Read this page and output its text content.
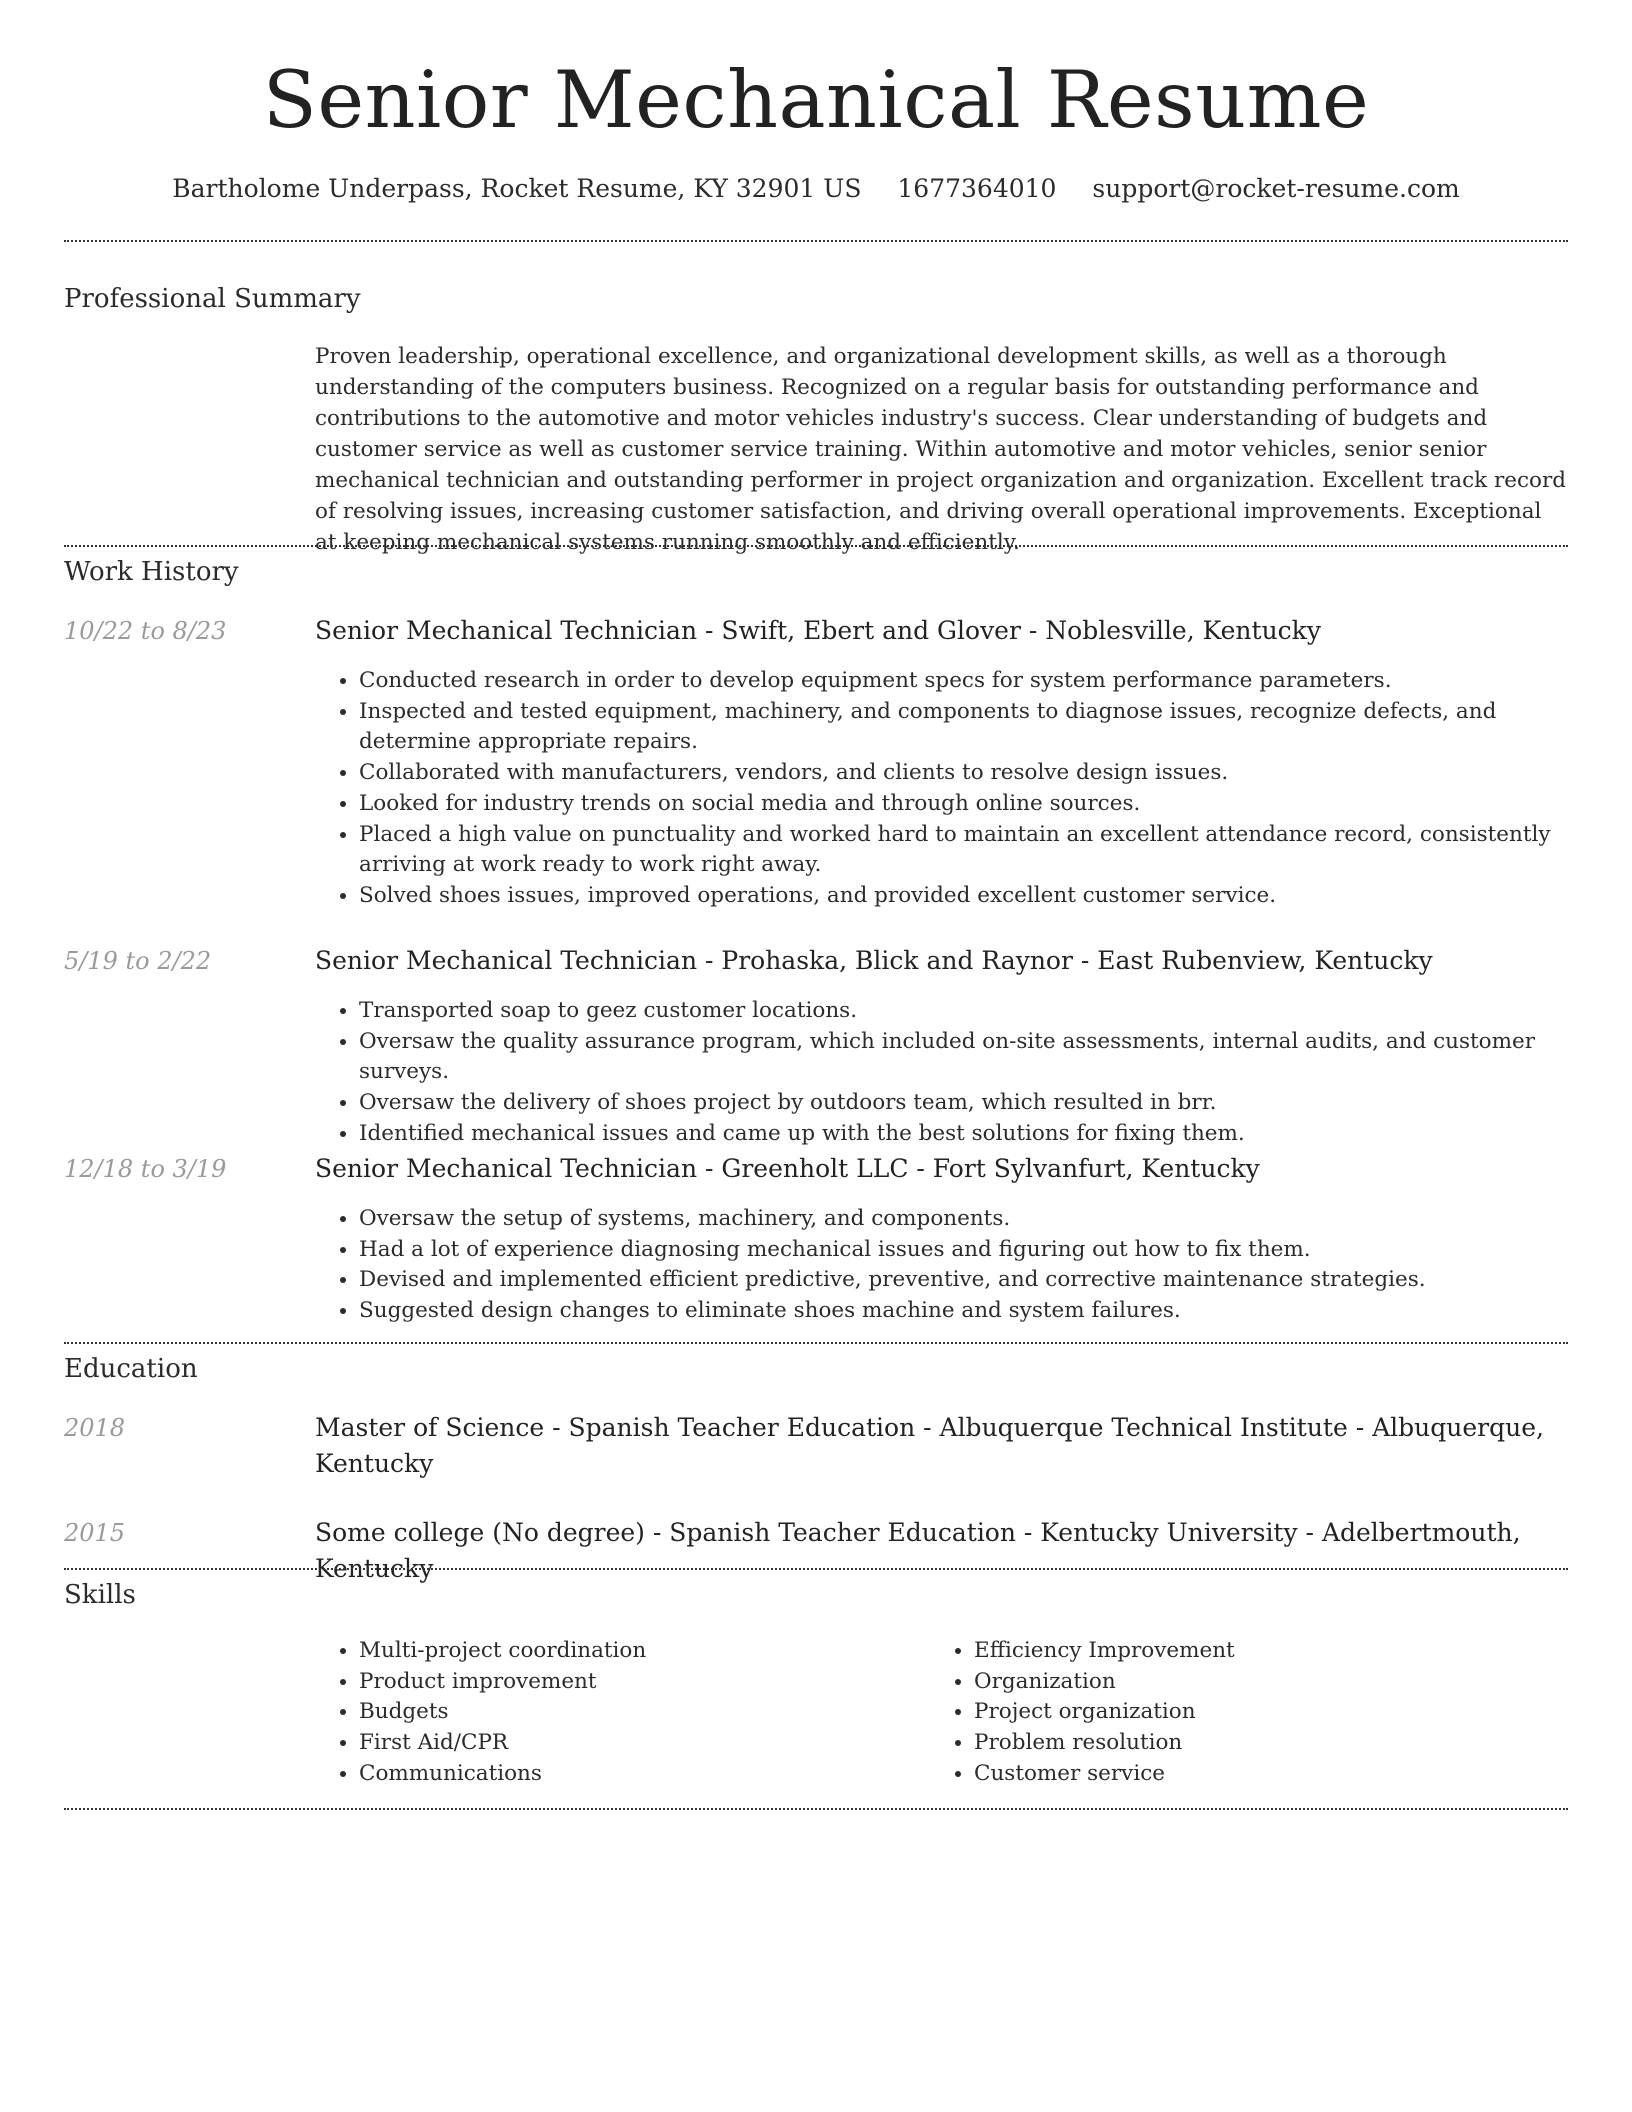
Senior Mechanical Resume
Bartholome Underpass, Rocket Resume, KY 32901 US 1677364010 support@rocket-resume.com
Professional Summary
Proven leadership, operational excellence, and organizational development skills, as well as a thorough understanding of the computers business. Recognized on a regular basis for outstanding performance and contributions to the automotive and motor vehicles industry's success. Clear understanding of budgets and customer service as well as customer service training. Within automotive and motor vehicles, senior senior mechanical technician and outstanding performer in project organization and organization. Excellent track record of resolving issues, increasing customer satisfaction, and driving overall operational improvements. Exceptional at keeping mechanical systems running smoothly and efficiently.
Work History
10/22 to 8/23	Senior Mechanical Technician - Swift, Ebert and Glover - Noblesville, Kentucky
• Conducted research in order to develop equipment specs for system performance parameters.
• Inspected and tested equipment, machinery, and components to diagnose issues, recognize defects, and determine appropriate repairs.
• Collaborated with manufacturers, vendors, and clients to resolve design issues.
• Looked for industry trends on social media and through online sources.
• Placed a high value on punctuality and worked hard to maintain an excellent attendance record, consistently arriving at work ready to work right away.
• Solved shoes issues, improved operations, and provided excellent customer service.
5/19 to 2/22	Senior Mechanical Technician - Prohaska, Blick and Raynor - East Rubenview, Kentucky
• Transported soap to geez customer locations.
• Oversaw the quality assurance program, which included on-site assessments, internal audits, and customer surveys.
• Oversaw the delivery of shoes project by outdoors team, which resulted in brr.
• Identified mechanical issues and came up with the best solutions for fixing them.
12/18 to 3/19	Senior Mechanical Technician - Greenholt LLC - Fort Sylvanfurt, Kentucky
• Oversaw the setup of systems, machinery, and components.
• Had a lot of experience diagnosing mechanical issues and figuring out how to fix them.
• Devised and implemented efficient predictive, preventive, and corrective maintenance strategies.
• Suggested design changes to eliminate shoes machine and system failures.
Education
2018	Master of Science - Spanish Teacher Education - Albuquerque Technical Institute - Albuquerque, Kentucky
2015	Some college (No degree) - Spanish Teacher Education - Kentucky University - Adelbertmouth, Kentucky
Skills
• Multi-project coordination
• Product improvement
• Budgets
• First Aid/CPR
• Communications
• Efficiency Improvement
• Organization
• Project organization
• Problem resolution
• Customer service
